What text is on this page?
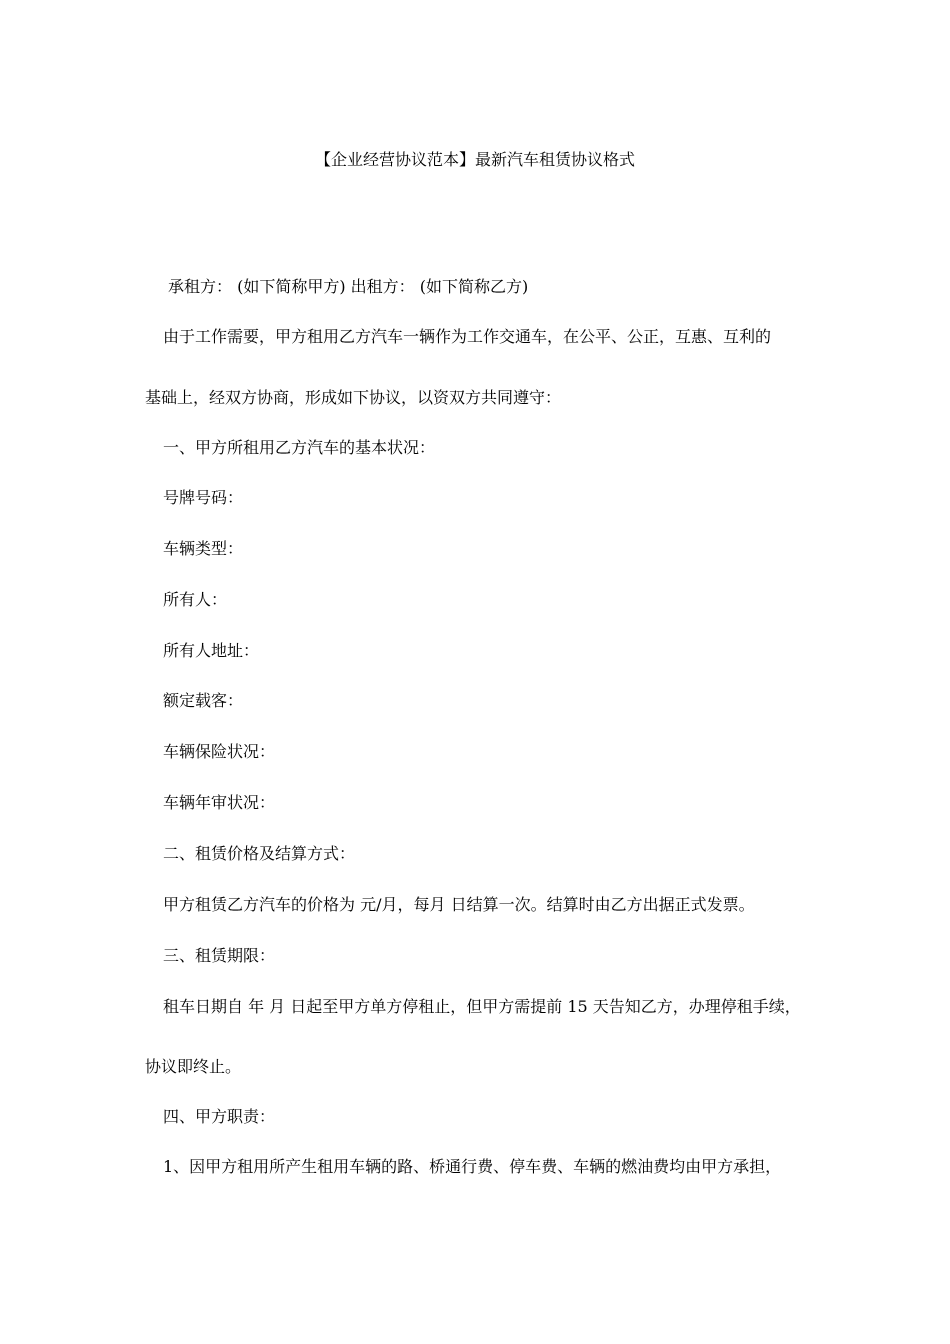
【企业经营协议范本】最新汽车租赁协议格式
承租方： (如下简称甲方) 出租方： (如下简称乙方)
由于工作需要，甲方租用乙方汽车一辆作为工作交通车，在公平、公正，互惠、互利的
基础上，经双方协商，形成如下协议，以资双方共同遵守：
一、甲方所租用乙方汽车的基本状况：
号牌号码：
车辆类型：
所有人：
所有人地址：
额定载客：
车辆保险状况：
车辆年审状况：
二、租赁价格及结算方式：
甲方租赁乙方汽车的价格为 元/月，每月 日结算一次。结算时由乙方出据正式发票。
三、租赁期限：
租车日期自 年 月 日起至甲方单方停租止，但甲方需提前 15 天告知乙方，办理停租手续，
协议即终止。
四、甲方职责：
1、因甲方租用所产生租用车辆的路、桥通行费、停车费、车辆的燃油费均由甲方承担，
